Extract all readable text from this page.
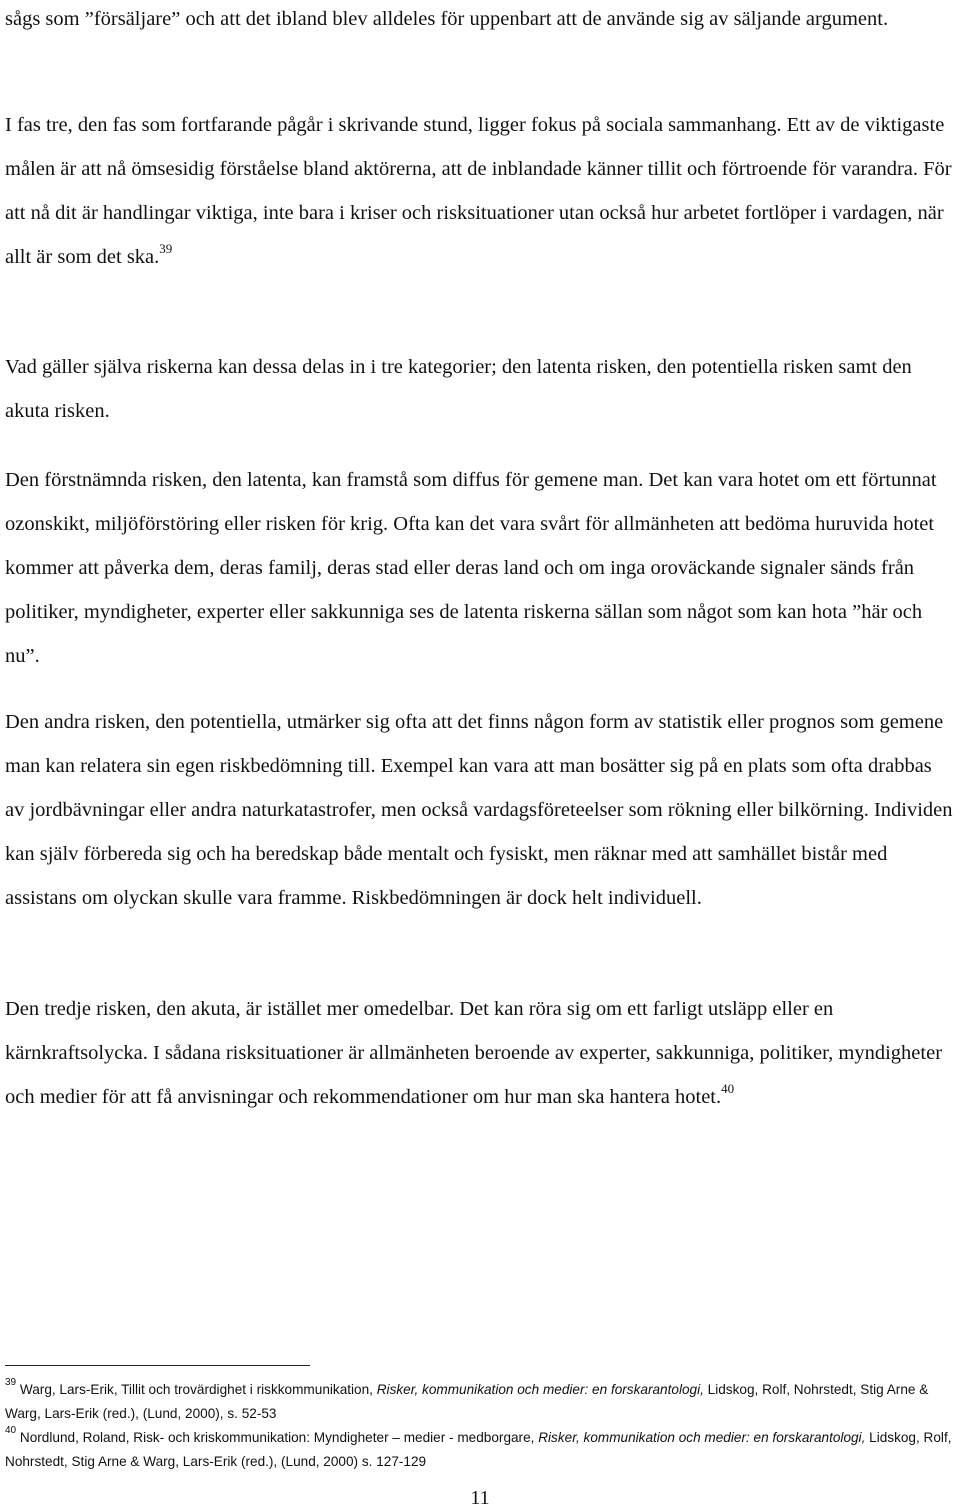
sågs som ”försäljare” och att det ibland blev alldeles för uppenbart att de använde sig av säljande argument.

I fas tre, den fas som fortfarande pågår i skrivande stund, ligger fokus på sociala sammanhang. Ett av de viktigaste målen är att nå ömsesidig förståelse bland aktörerna, att de inblandade känner tillit och förtroende för varandra. För att nå dit är handlingar viktiga, inte bara i kriser och risksituationer utan också hur arbetet fortlöper i vardagen, när allt är som det ska.$^{39}$

Vad gäller själva riskerna kan dessa delas in i tre kategorier; den latenta risken, den potentiella risken samt den akuta risken.

Den förstnämnda risken, den latenta, kan framstå som diffus för gemene man. Det kan vara hotet om ett förtunnat ozonskikt, miljöförstöring eller risken för krig. Ofta kan det vara svårt för allmänheten att bedöma huruvida hotet kommer att påverka dem, deras familj, deras stad eller deras land och om inga oroväckande signaler sänds från politiker, myndigheter, experter eller sakkunniga ses de latenta riskerna sällan som något som kan hota ”här och nu”.

Den andra risken, den potentiella, utmärker sig ofta att det finns någon form av statistik eller prognos som gemene man kan relatera sin egen riskbedömning till. Exempel kan vara att man bosätter sig på en plats som ofta drabbas av jordbävningar eller andra naturkatastrofer, men också vardagsföreteelser som rökning eller bilkörning. Individen kan själv förbereda sig och ha beredskap både mentalt och fysiskt, men räknar med att samhället bistår med assistans om olyckan skulle vara framme. Riskbedömningen är dock helt individuell.

Den tredje risken, den akuta, är istället mer omedelbar. Det kan röra sig om ett farligt utsläpp eller en kärnkraftsolycka. I sådana risksituationer är allmänheten beroende av experter, sakkunniga, politiker, myndigheter och medier för att få anvisningar och rekommendationer om hur man ska hantera hotet.$^{40}$

$^{39}$ Warg, Lars-Erik, Tillit och trovärdighet i riskkommunikation, Risker, kommunikation och medier: en forskarantologi, Lidskog, Rolf, Nohrstedt, Stig Arne & Warg, Lars-Erik (red.), (Lund, 2000), s. 52-53

$^{40}$ Nordlund, Roland, Risk- och kriskommunikation: Myndigheter – medier - medborgare, Risker, kommunikation och medier: en forskarantologi, Lidskog, Rolf, Nohrstedt, Stig Arne & Warg, Lars-Erik (red.), (Lund, 2000) s. 127-129

11
